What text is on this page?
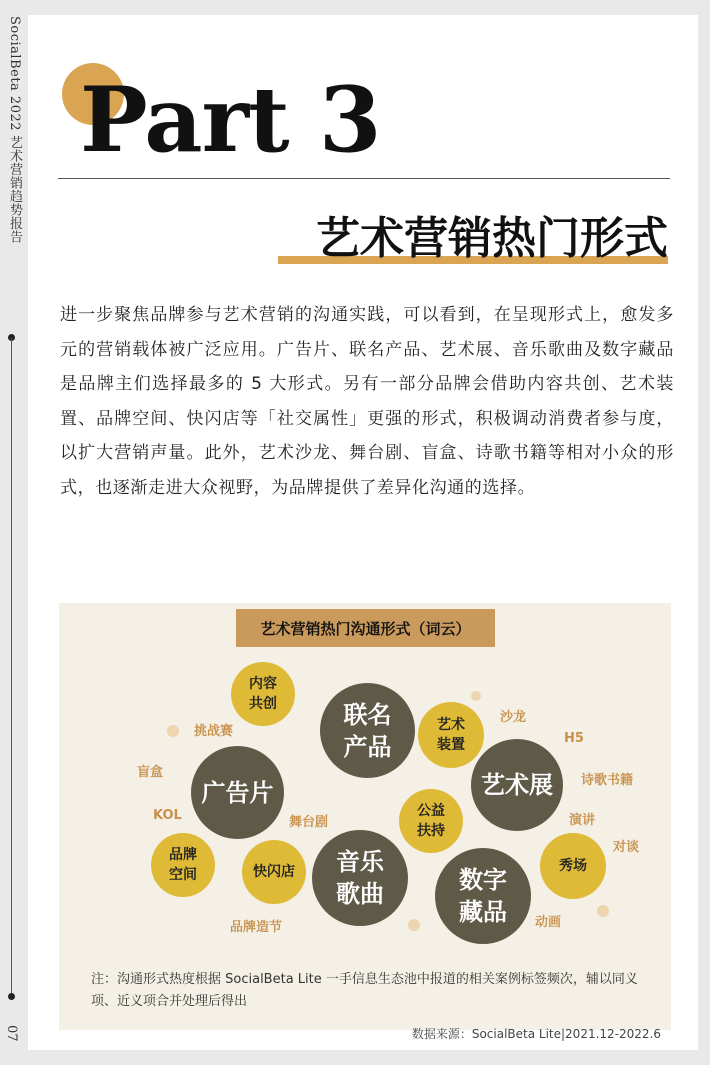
SocialBeta 2022 艺术营销趋势报告
07
Part 3
艺术营销热门形式

进一步聚焦品牌参与艺术营销的沟通实践，可以看到，在呈现形式上，愈发多元的营销载体被广泛应用。广告片、联名产品、艺术展、音乐歌曲及数字藏品是品牌主们选择最多的 5 大形式。另有一部分品牌会借助内容共创、艺术装置、品牌空间、快闪店等「社交属性」更强的形式，积极调动消费者参与度，以扩大营销声量。此外，艺术沙龙、舞台剧、盲盒、诗歌书籍等相对小众的形式，也逐渐走进大众视野，为品牌提供了差异化沟通的选择。

艺术营销热门沟通形式（词云）
内容
共创	联名
产品
艺术
装置
艺术展
广告片
公益
扶持
品牌
空间	快闪店	音乐
歌曲	数字
藏品
秀场
挑战赛
沙龙
H5
盲盒
诗歌书籍
KOL	舞台剧	演讲
对谈
品牌造节	动画

注：沟通形式热度根据 SocialBeta Lite 一手信息生态池中报道的相关案例标签频次，辅以同义项、近义项合并处理后得出

数据来源：SocialBeta Lite|2021.12-2022.6
